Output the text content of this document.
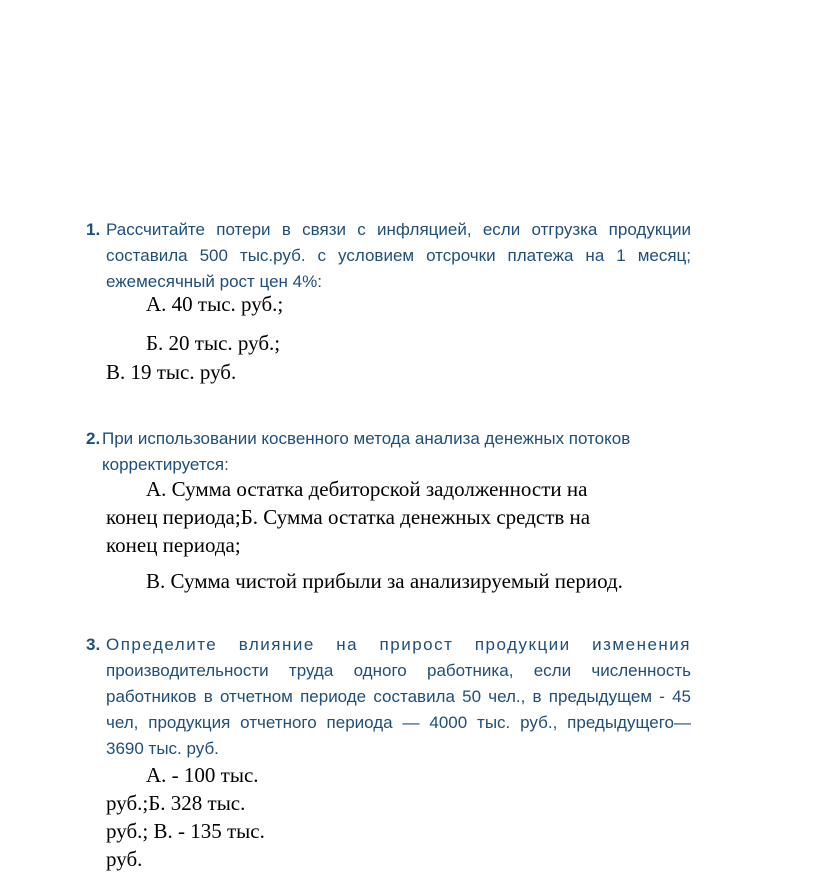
1. Рассчитайте потери в связи с инфляцией, если отгрузка продукции
составила 500 тыс.руб. с условием отсрочки платежа на 1 месяц;
ежемесячный рост цен 4%:
А. 40 тыс. руб.;
Б. 20 тыс. руб.;
В. 19 тыс. руб.
2. При использовании косвенного метода анализа денежных потоков
корректируется:
А. Сумма остатка дебиторской задолженности на
конец периода;Б. Сумма остатка денежных средств на
конец периода;
В. Сумма чистой прибыли за анализируемый период.
3. Определите влияние на прирост продукции изменения
производительности труда одного работника, если численность
работников в отчетном периоде составила 50 чел., в предыдущем - 45
чел, продукция отчетного периода — 4000 тыс. руб., предыдущего—
3690 тыс. руб.
А. - 100 тыс.
руб.;Б. 328 тыс.
руб.; В. - 135 тыс.
руб.
